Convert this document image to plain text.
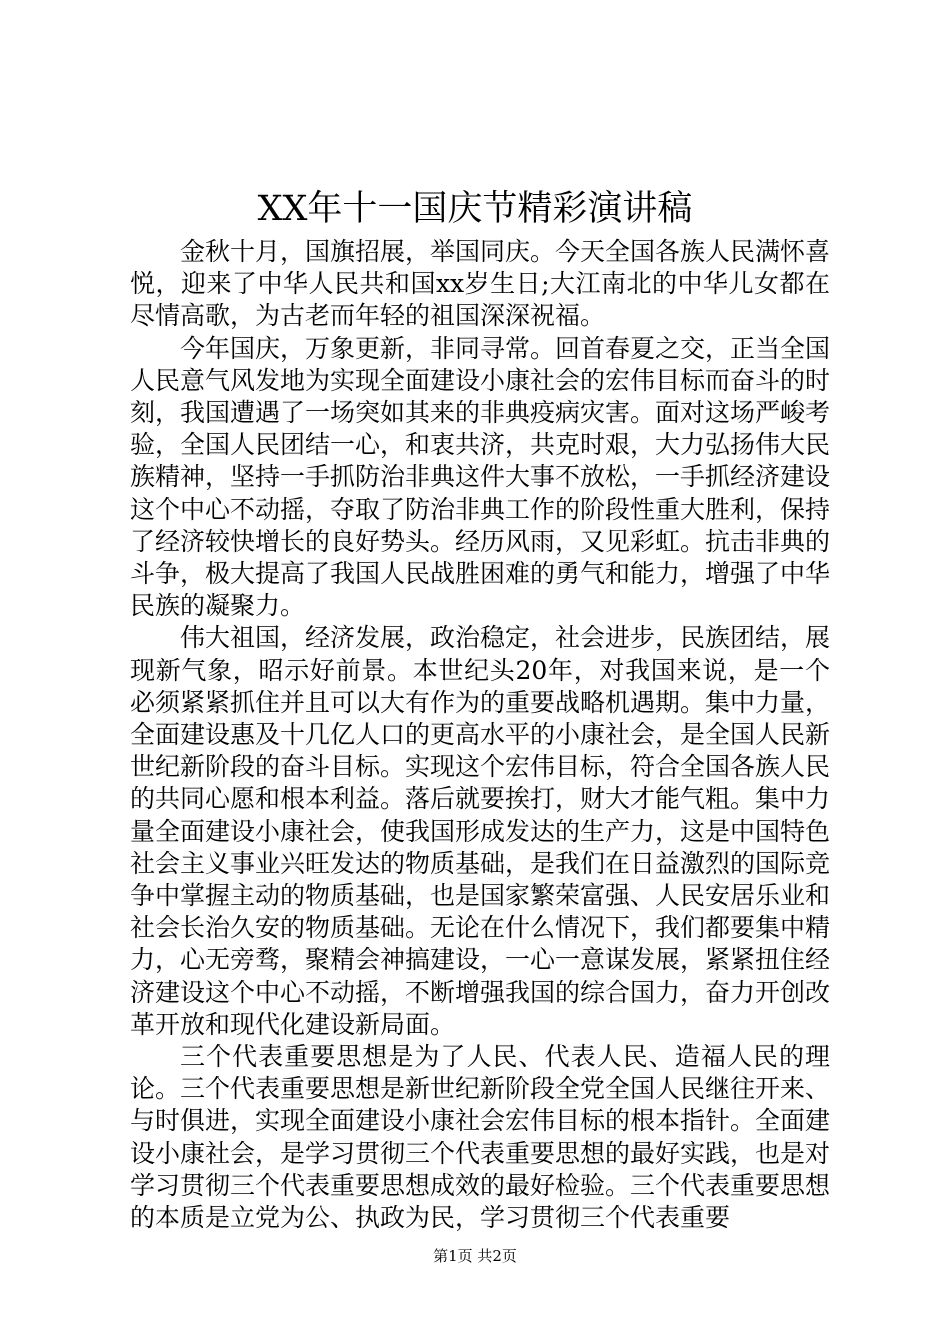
XX年十一国庆节精彩演讲稿

金秋十月，国旗招展，举国同庆。今天全国各族人民满怀喜悦，迎来了中华人民共和国xx岁生日;大江南北的中华儿女都在尽情高歌，为古老而年轻的祖国深深祝福。

今年国庆，万象更新，非同寻常。回首春夏之交，正当全国人民意气风发地为实现全面建设小康社会的宏伟目标而奋斗的时刻，我国遭遇了一场突如其来的非典疫病灾害。面对这场严峻考验，全国人民团结一心，和衷共济，共克时艰，大力弘扬伟大民族精神，坚持一手抓防治非典这件大事不放松，一手抓经济建设这个中心不动摇，夺取了防治非典工作的阶段性重大胜利，保持了经济较快增长的良好势头。经历风雨，又见彩虹。抗击非典的斗争，极大提高了我国人民战胜困难的勇气和能力，增强了中华民族的凝聚力。

伟大祖国，经济发展，政治稳定，社会进步，民族团结，展现新气象，昭示好前景。本世纪头20年，对我国来说，是一个必须紧紧抓住并且可以大有作为的重要战略机遇期。集中力量，全面建设惠及十几亿人口的更高水平的小康社会，是全国人民新世纪新阶段的奋斗目标。实现这个宏伟目标，符合全国各族人民的共同心愿和根本利益。落后就要挨打，财大才能气粗。集中力量全面建设小康社会，使我国形成发达的生产力，这是中国特色社会主义事业兴旺发达的物质基础，是我们在日益激烈的国际竞争中掌握主动的物质基础，也是国家繁荣富强、人民安居乐业和社会长治久安的物质基础。无论在什么情况下，我们都要集中精力，心无旁骛，聚精会神搞建设，一心一意谋发展，紧紧扭住经济建设这个中心不动摇，不断增强我国的综合国力，奋力开创改革开放和现代化建设新局面。

三个代表重要思想是为了人民、代表人民、造福人民的理论。三个代表重要思想是新世纪新阶段全党全国人民继往开来、与时俱进，实现全面建设小康社会宏伟目标的根本指针。全面建设小康社会，是学习贯彻三个代表重要思想的最好实践，也是对学习贯彻三个代表重要思想成效的最好检验。三个代表重要思想的本质是立党为公、执政为民，学习贯彻三个代表重要

第1页 共2页
